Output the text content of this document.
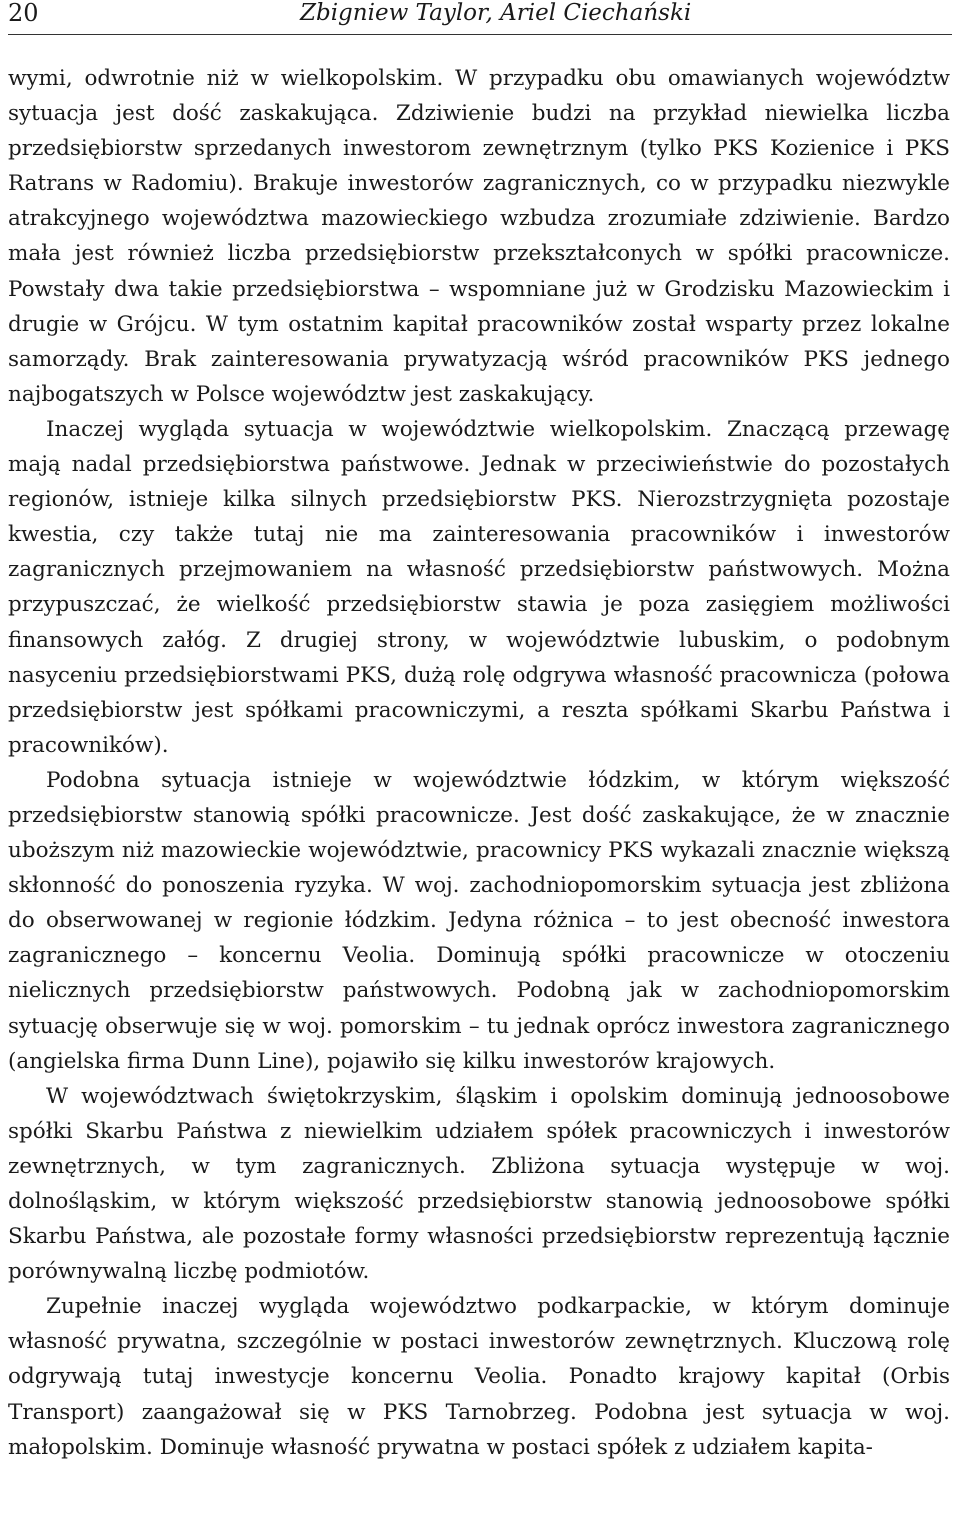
20	Zbigniew Taylor, Ariel Ciechański

wymi, odwrotnie niż w wielkopolskim. W przypadku obu omawianych województw sytuacja jest dość zaskakująca. Zdziwienie budzi na przykład niewielka liczba przedsiębiorstw sprzedanych inwestorom zewnętrznym (tylko PKS Kozienice i PKS Ratrans w Radomiu). Brakuje inwestorów zagranicznych, co w przypadku niezwykle atrakcyjnego województwa mazowieckiego wzbudza zrozumiałe zdziwienie. Bardzo mała jest również liczba przedsiębiorstw przekształconych w spółki pracownicze. Powstały dwa takie przedsiębiorstwa – wspomniane już w Grodzisku Mazowieckim i drugie w Grójcu. W tym ostatnim kapitał pracowników został wsparty przez lokalne samorządy. Brak zainteresowania prywatyzacją wśród pracowników PKS jednego najbogatszych w Polsce województw jest zaskakujący.

Inaczej wygląda sytuacja w województwie wielkopolskim. Znaczącą przewagę mają nadal przedsiębiorstwa państwowe. Jednak w przeciwieństwie do pozostałych regionów, istnieje kilka silnych przedsiębiorstw PKS. Nierozstrzygnięta pozostaje kwestia, czy także tutaj nie ma zainteresowania pracowników i inwestorów zagranicznych przejmowaniem na własność przedsiębiorstw państwowych. Można przypuszczać, że wielkość przedsiębiorstw stawia je poza zasięgiem możliwości finansowych załóg. Z drugiej strony, w województwie lubuskim, o podobnym nasyceniu przedsiębiorstwami PKS, dużą rolę odgrywa własność pracownicza (połowa przedsiębiorstw jest spółkami pracowniczymi, a reszta spółkami Skarbu Państwa i pracowników).

Podobna sytuacja istnieje w województwie łódzkim, w którym większość przedsiębiorstw stanowią spółki pracownicze. Jest dość zaskakujące, że w znacznie uboższym niż mazowieckie województwie, pracownicy PKS wykazali znacznie większą skłonność do ponoszenia ryzyka. W woj. zachodniopomorskim sytuacja jest zbliżona do obserwowanej w regionie łódzkim. Jedyna różnica – to jest obecność inwestora zagranicznego – koncernu Veolia. Dominują spółki pracownicze w otoczeniu nielicznych przedsiębiorstw państwowych. Podobną jak w zachodniopomorskim sytuację obserwuje się w woj. pomorskim – tu jednak oprócz inwestora zagranicznego (angielska firma Dunn Line), pojawiło się kilku inwestorów krajowych.

W województwach świętokrzyskim, śląskim i opolskim dominują jednoosobowe spółki Skarbu Państwa z niewielkim udziałem spółek pracowniczych i inwestorów zewnętrznych, w tym zagranicznych. Zbliżona sytuacja występuje w woj. dolnośląskim, w którym większość przedsiębiorstw stanowią jednoosobowe spółki Skarbu Państwa, ale pozostałe formy własności przedsiębiorstw reprezentują łącznie porównywalną liczbę podmiotów.

Zupełnie inaczej wygląda województwo podkarpackie, w którym dominuje własność prywatna, szczególnie w postaci inwestorów zewnętrznych. Kluczową rolę odgrywają tutaj inwestycje koncernu Veolia. Ponadto krajowy kapitał (Orbis Transport) zaangażował się w PKS Tarnobrzeg. Podobna jest sytuacja w woj. małopolskim. Dominuje własność prywatna w postaci spółek z udziałem kapita-
